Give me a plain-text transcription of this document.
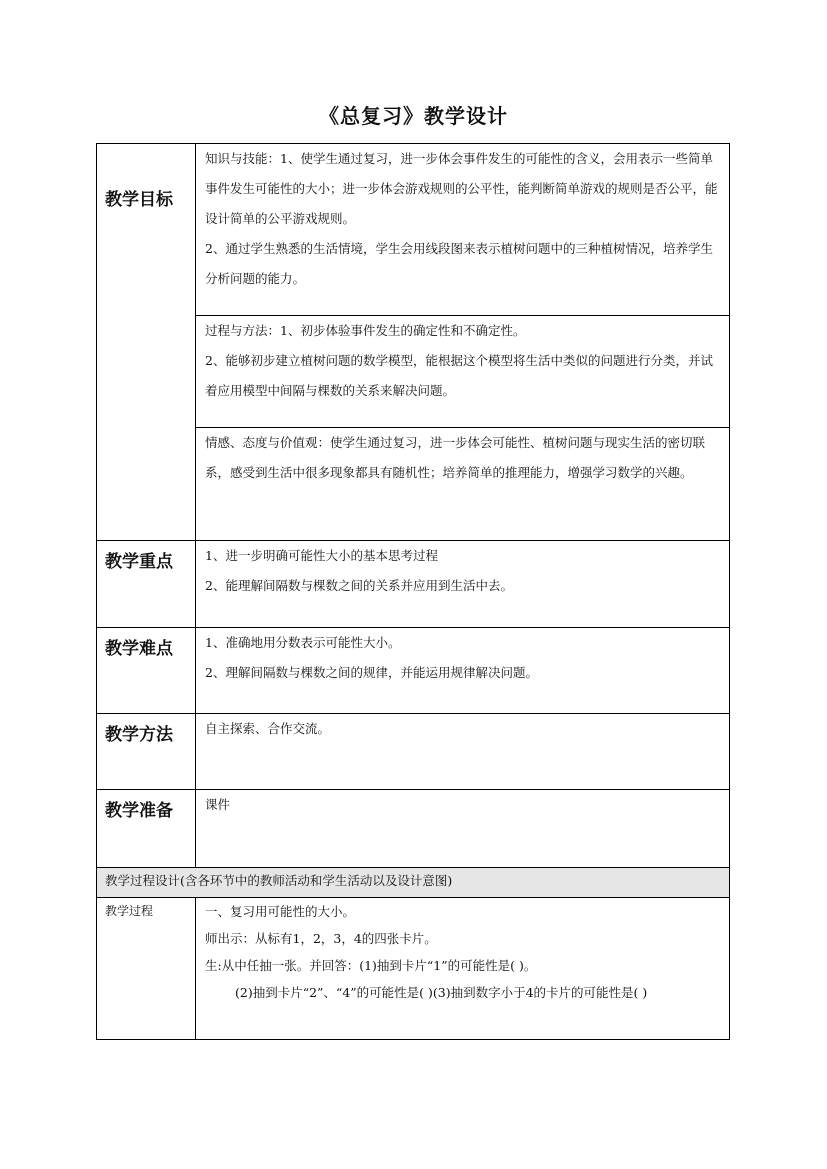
《总复习》教学设计
教学目标	知识与技能：1、使学生通过复习，进一步体会事件发生的可能性的含义，会用表示一些简单事件发生可能性的大小；进一步体会游戏规则的公平性，能判断简单游戏的规则是否公平，能设计简单的公平游戏规则。

2、通过学生熟悉的生活情境，学生会用线段图来表示植树问题中的三种植树情况，培养学生分析问题的能力。

	过程与方法：1、初步体验事件发生的确定性和不确定性。

2、能够初步建立植树问题的数学模型，能根据这个模型将生活中类似的问题进行分类，并试着应用模型中间隔与棵数的关系来解决问题。

	情感、态度与价值观：使学生通过复习，进一步体会可能性、植树问题与现实生活的密切联系，感受到生活中很多现象都具有随机性；培养简单的推理能力，增强学习数学的兴趣。

教学重点	1、进一步明确可能性大小的基本思考过程

2、能理解间隔数与棵数之间的关系并应用到生活中去。

教学难点	1、准确地用分数表示可能性大小。

2、理解间隔数与棵数之间的规律，并能运用规律解决问题。

教学方法	自主探索、合作交流。

教学准备	课件

教学过程设计(含各环节中的教师活动和学生活动以及设计意图)	
教学过程	一、复习用可能性的大小。

师出示：从标有1，2，3，4的四张卡片。

生:从中任抽一张。并回答：(1)抽到卡片“1”的可能性是( )。

(2)抽到卡片“2”、“4”的可能性是( )(3)抽到数字小于4的卡片的可能性是( )
